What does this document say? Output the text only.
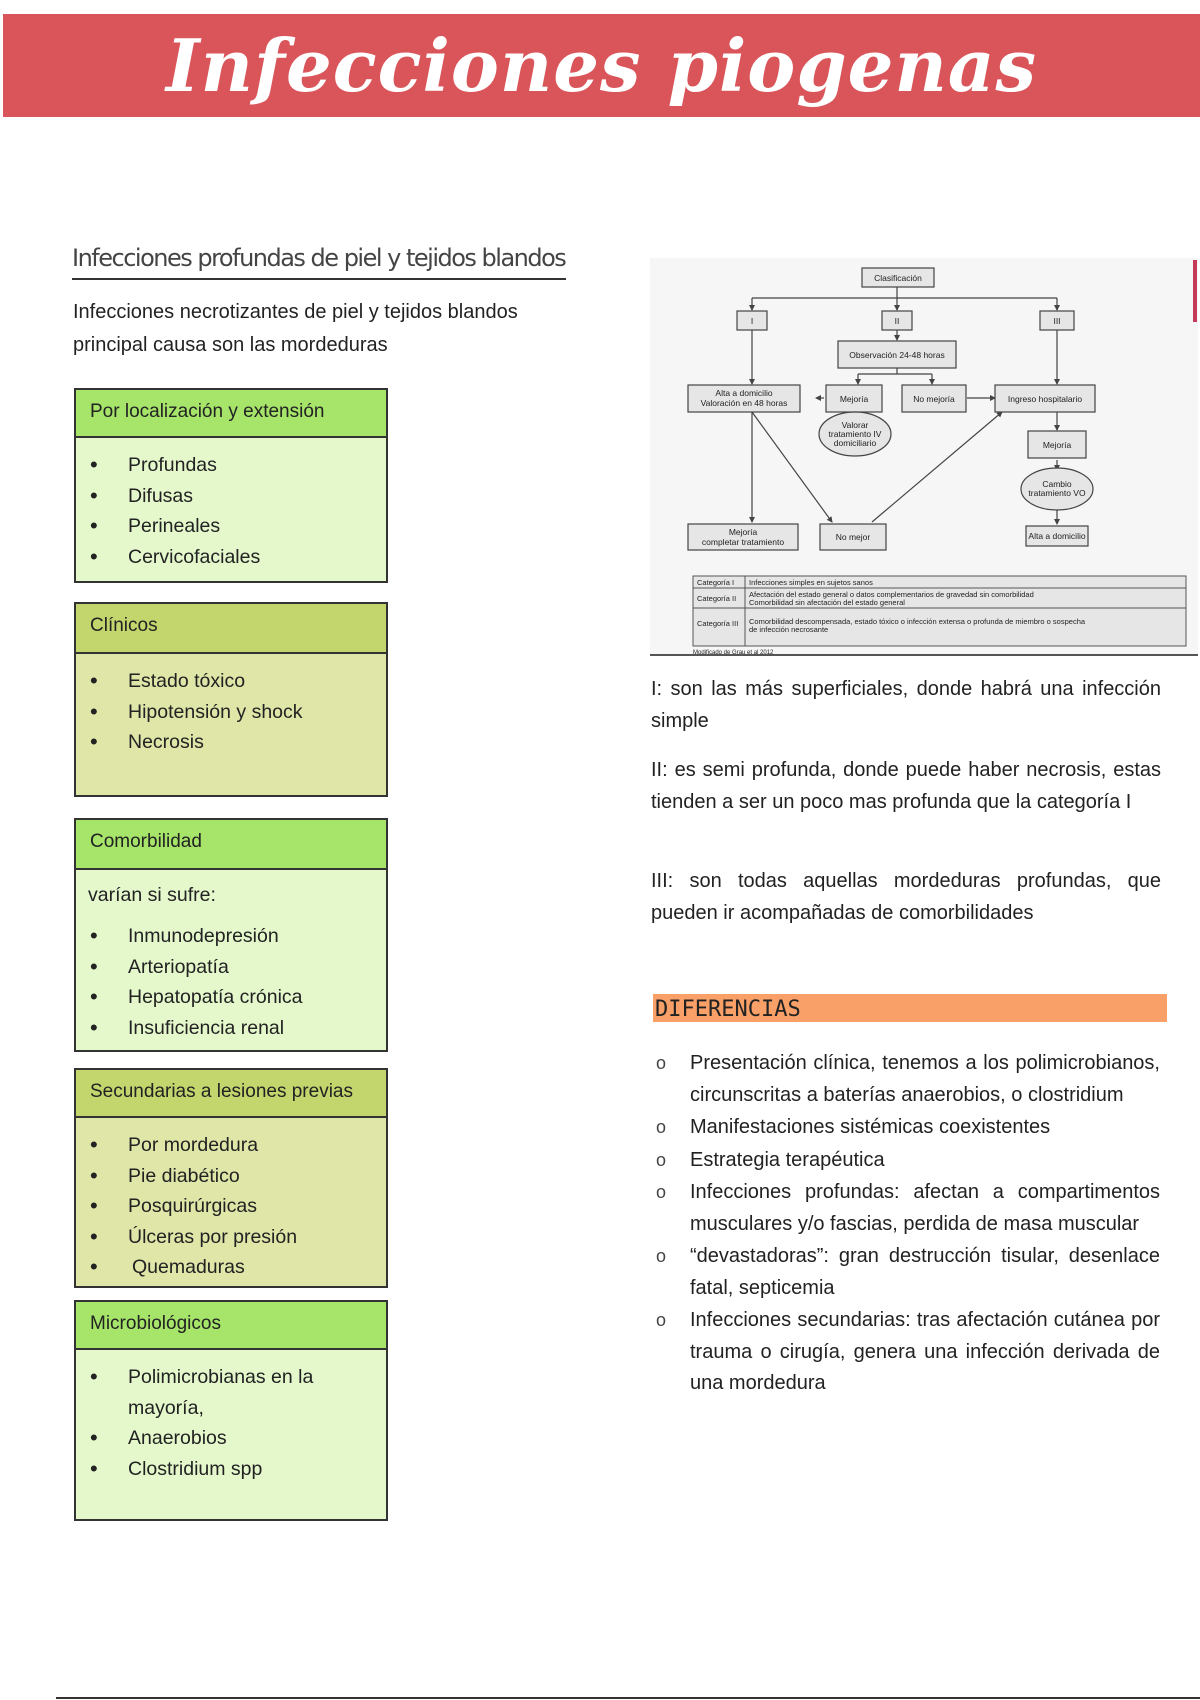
Infecciones piogenas
Infecciones profundas de piel y tejidos blandos
Infecciones necrotizantes de piel y tejidos blandos principal causa son las mordeduras
Por localización y extensión
• Profundas
• Difusas
• Perineales
• Cervicofaciales
Clínicos
• Estado tóxico
• Hipotensión y shock
• Necrosis
Comorbilidad
varían si sufre:
• Inmunodepresión
• Arteriopatía
• Hepatopatía crónica
• Insuficiencia renal
Secundarias a lesiones previas
• Por mordedura
• Pie diabético
• Posquirúrgicas
• Úlceras por presión
• Quemaduras
Microbiológicos
• Polimicrobianas en la mayoría,
• Anaerobios
• Clostridium spp
Clasificación
I	II	III
Observación 24-48 horas
Alta a domicilio
Valoración en 48 horas	Mejoría	No mejoría	Ingreso hospitalario
Valorar
tratamiento IV
domiciliario	Mejoría
Cambio
tratamiento VO
Mejoría
completar tratamiento	No mejor	Alta a domicilio
Categoría I Infecciones simples en sujetos sanos
Categoría II Afectación del estado general o datos complementarios de gravedad sin comorbilidad
Comorbilidad sin afectación del estado general
Categoría III Comorbilidad descompensada, estado tóxico o infección extensa o profunda de miembro o sospecha
de infección necrosante
Modificado de Grau et al 2012
I: son las más superficiales, donde habrá una infección simple
II: es semi profunda, donde puede haber necrosis, estas tienden a ser un poco mas profunda que la categoría I
III: son todas aquellas mordeduras profundas, que pueden ir acompañadas de comorbilidades
DIFERENCIAS
o Presentación clínica, tenemos a los polimicrobianos, circunscritas a baterías anaerobios, o clostridium
o Manifestaciones sistémicas coexistentes
o Estrategia terapéutica
o Infecciones profundas: afectan a compartimentos musculares y/o fascias, perdida de masa muscular
o “devastadoras”: gran destrucción tisular, desenlace fatal, septicemia
o Infecciones secundarias: tras afectación cutánea por trauma o cirugía, genera una infección derivada de una mordedura
